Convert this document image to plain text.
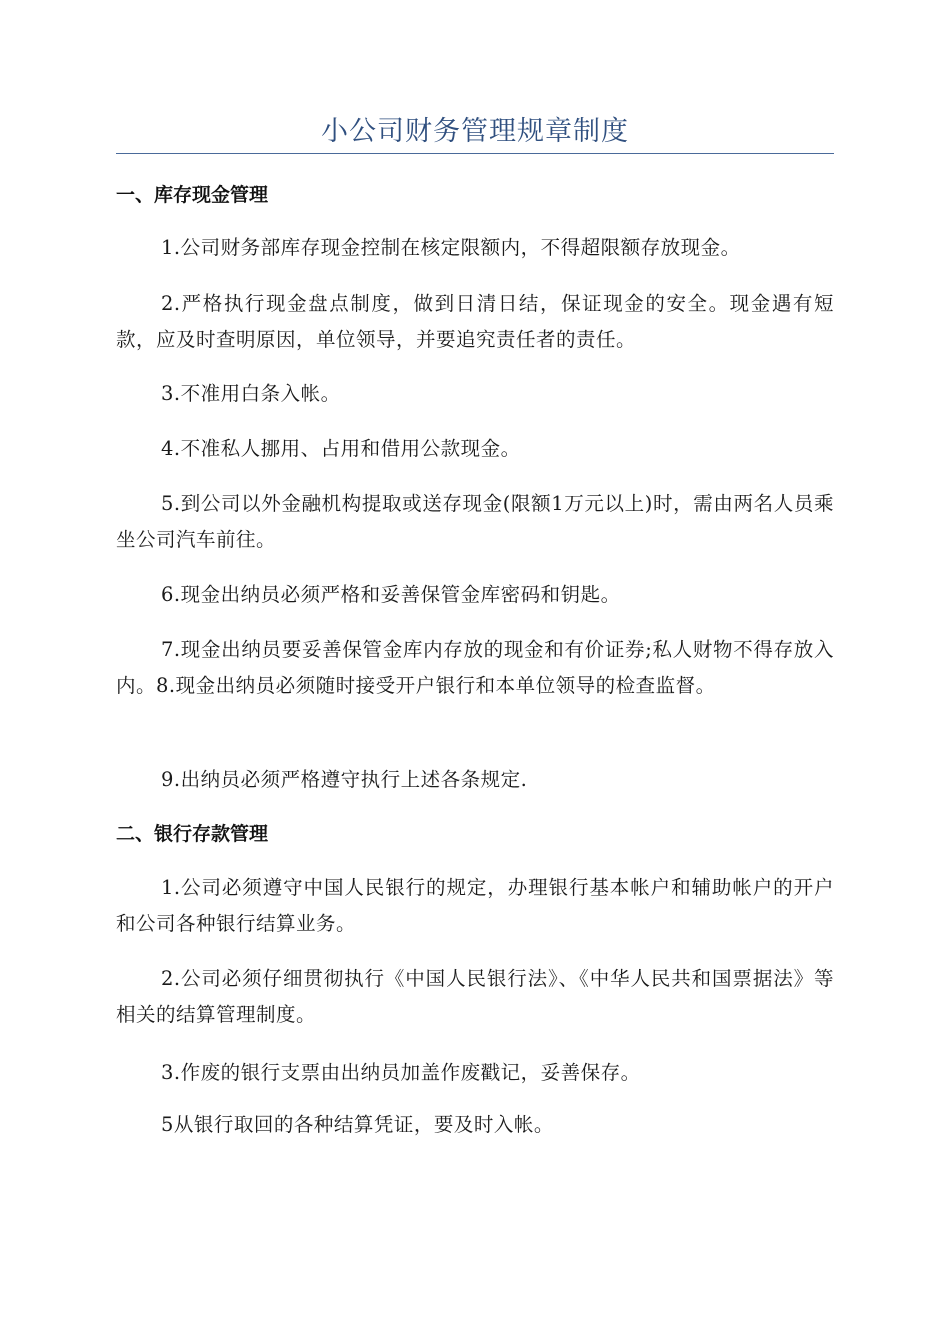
小公司财务管理规章制度
一、库存现金管理

1.公司财务部库存现金控制在核定限额内，不得超限额存放现金。

2.严格执行现金盘点制度，做到日清日结，保证现金的安全。现金遇有短款，应及时查明原因，单位领导，并要追究责任者的责任。

3.不准用白条入帐。

4.不准私人挪用、占用和借用公款现金。

5.到公司以外金融机构提取或送存现金(限额1万元以上)时，需由两名人员乘坐公司汽车前往。

6.现金出纳员必须严格和妥善保管金库密码和钥匙。

7.现金出纳员要妥善保管金库内存放的现金和有价证券;私人财物不得存放入内。8.现金出纳员必须随时接受开户银行和本单位领导的检查监督。

9.出纳员必须严格遵守执行上述各条规定.

二、银行存款管理

1.公司必须遵守中国人民银行的规定，办理银行基本帐户和辅助帐户的开户和公司各种银行结算业务。

2.公司必须仔细贯彻执行《中国人民银行法》、《中华人民共和国票据法》等相关的结算管理制度。

3.作废的银行支票由出纳员加盖作废戳记，妥善保存。

5从银行取回的各种结算凭证，要及时入帐。
